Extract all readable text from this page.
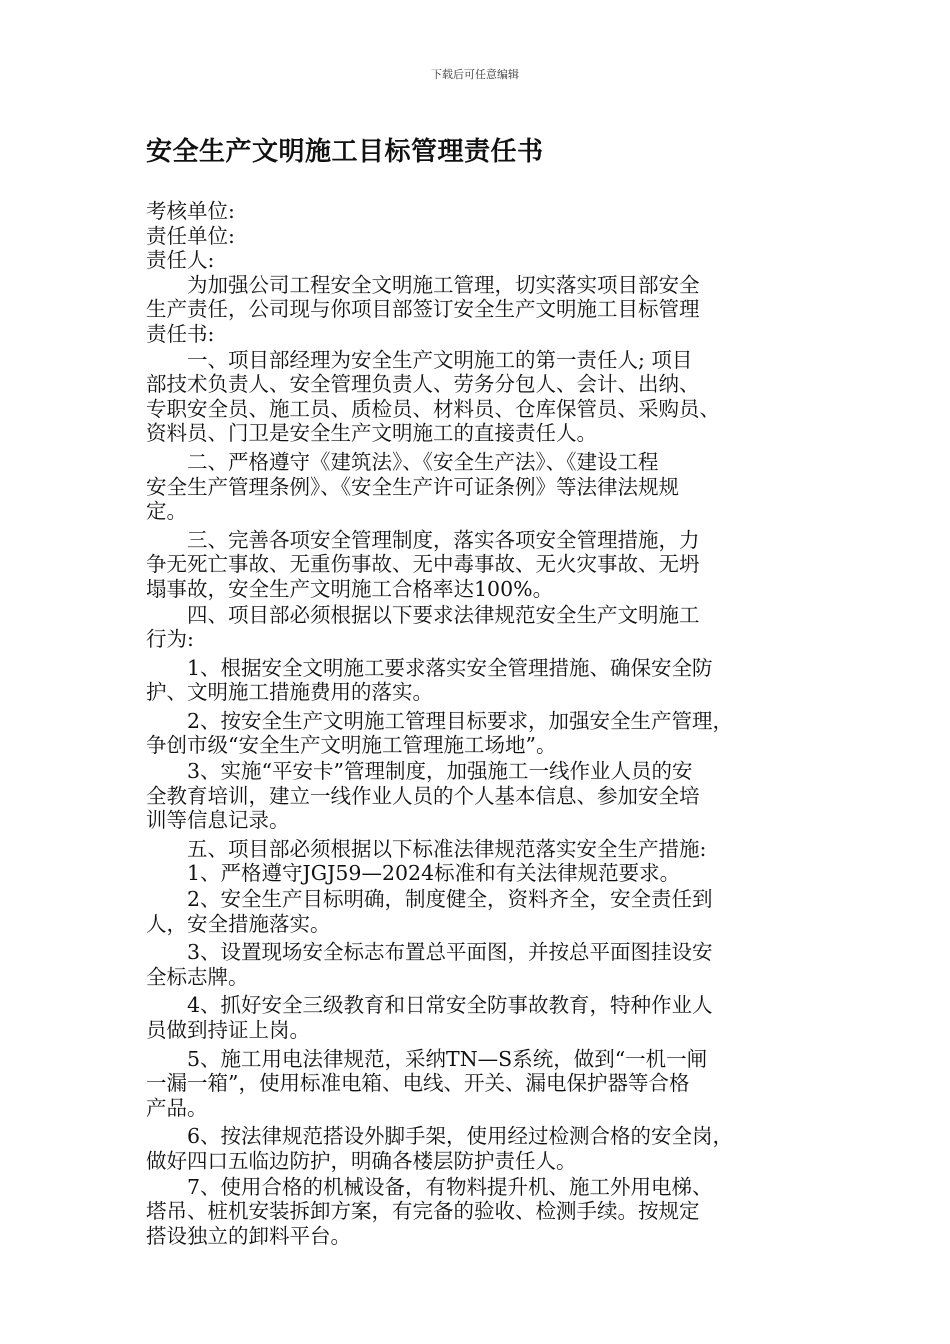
下载后可任意编辑
安全生产文明施工目标管理责任书
考核单位:
责任单位:
责任人:
　　为加强公司工程安全文明施工管理，切实落实项目部安全
生产责任，公司现与你项目部签订安全生产文明施工目标管理
责任书:
　　一、项目部经理为安全生产文明施工的第一责任人; 项目
部技术负责人、安全管理负责人、劳务分包人、会计、出纳、
专职安全员、施工员、质检员、材料员、仓库保管员、采购员、
资料员、门卫是安全生产文明施工的直接责任人。
　　二、严格遵守《建筑法》、《安全生产法》、《建设工程
安全生产管理条例》、《安全生产许可证条例》等法律法规规
定。
　　三、完善各项安全管理制度，落实各项安全管理措施，力
争无死亡事故、无重伤事故、无中毒事故、无火灾事故、无坍
塌事故，安全生产文明施工合格率达100%。
　　四、项目部必须根据以下要求法律规范安全生产文明施工
行为:
　　1、根据安全文明施工要求落实安全管理措施、确保安全防
护、文明施工措施费用的落实。
　　2、按安全生产文明施工管理目标要求，加强安全生产管理，
争创市级“安全生产文明施工管理施工场地”。
　　3、实施“平安卡”管理制度，加强施工一线作业人员的安
全教育培训，建立一线作业人员的个人基本信息、参加安全培
训等信息记录。
　　五、项目部必须根据以下标准法律规范落实安全生产措施:
　　1、严格遵守JGJ59—2024标准和有关法律规范要求。
　　2、安全生产目标明确，制度健全，资料齐全，安全责任到
人，安全措施落实。
　　3、设置现场安全标志布置总平面图，并按总平面图挂设安
全标志牌。
　　4、抓好安全三级教育和日常安全防事故教育，特种作业人
员做到持证上岗。
　　5、施工用电法律规范，采纳TN—S系统，做到“一机一闸
一漏一箱”，使用标准电箱、电线、开关、漏电保护器等合格
产品。
　　6、按法律规范搭设外脚手架，使用经过检测合格的安全岗，
做好四口五临边防护，明确各楼层防护责任人。
　　7、使用合格的机械设备，有物料提升机、施工外用电梯、
塔吊、桩机安装拆卸方案，有完备的验收、检测手续。按规定
搭设独立的卸料平台。
